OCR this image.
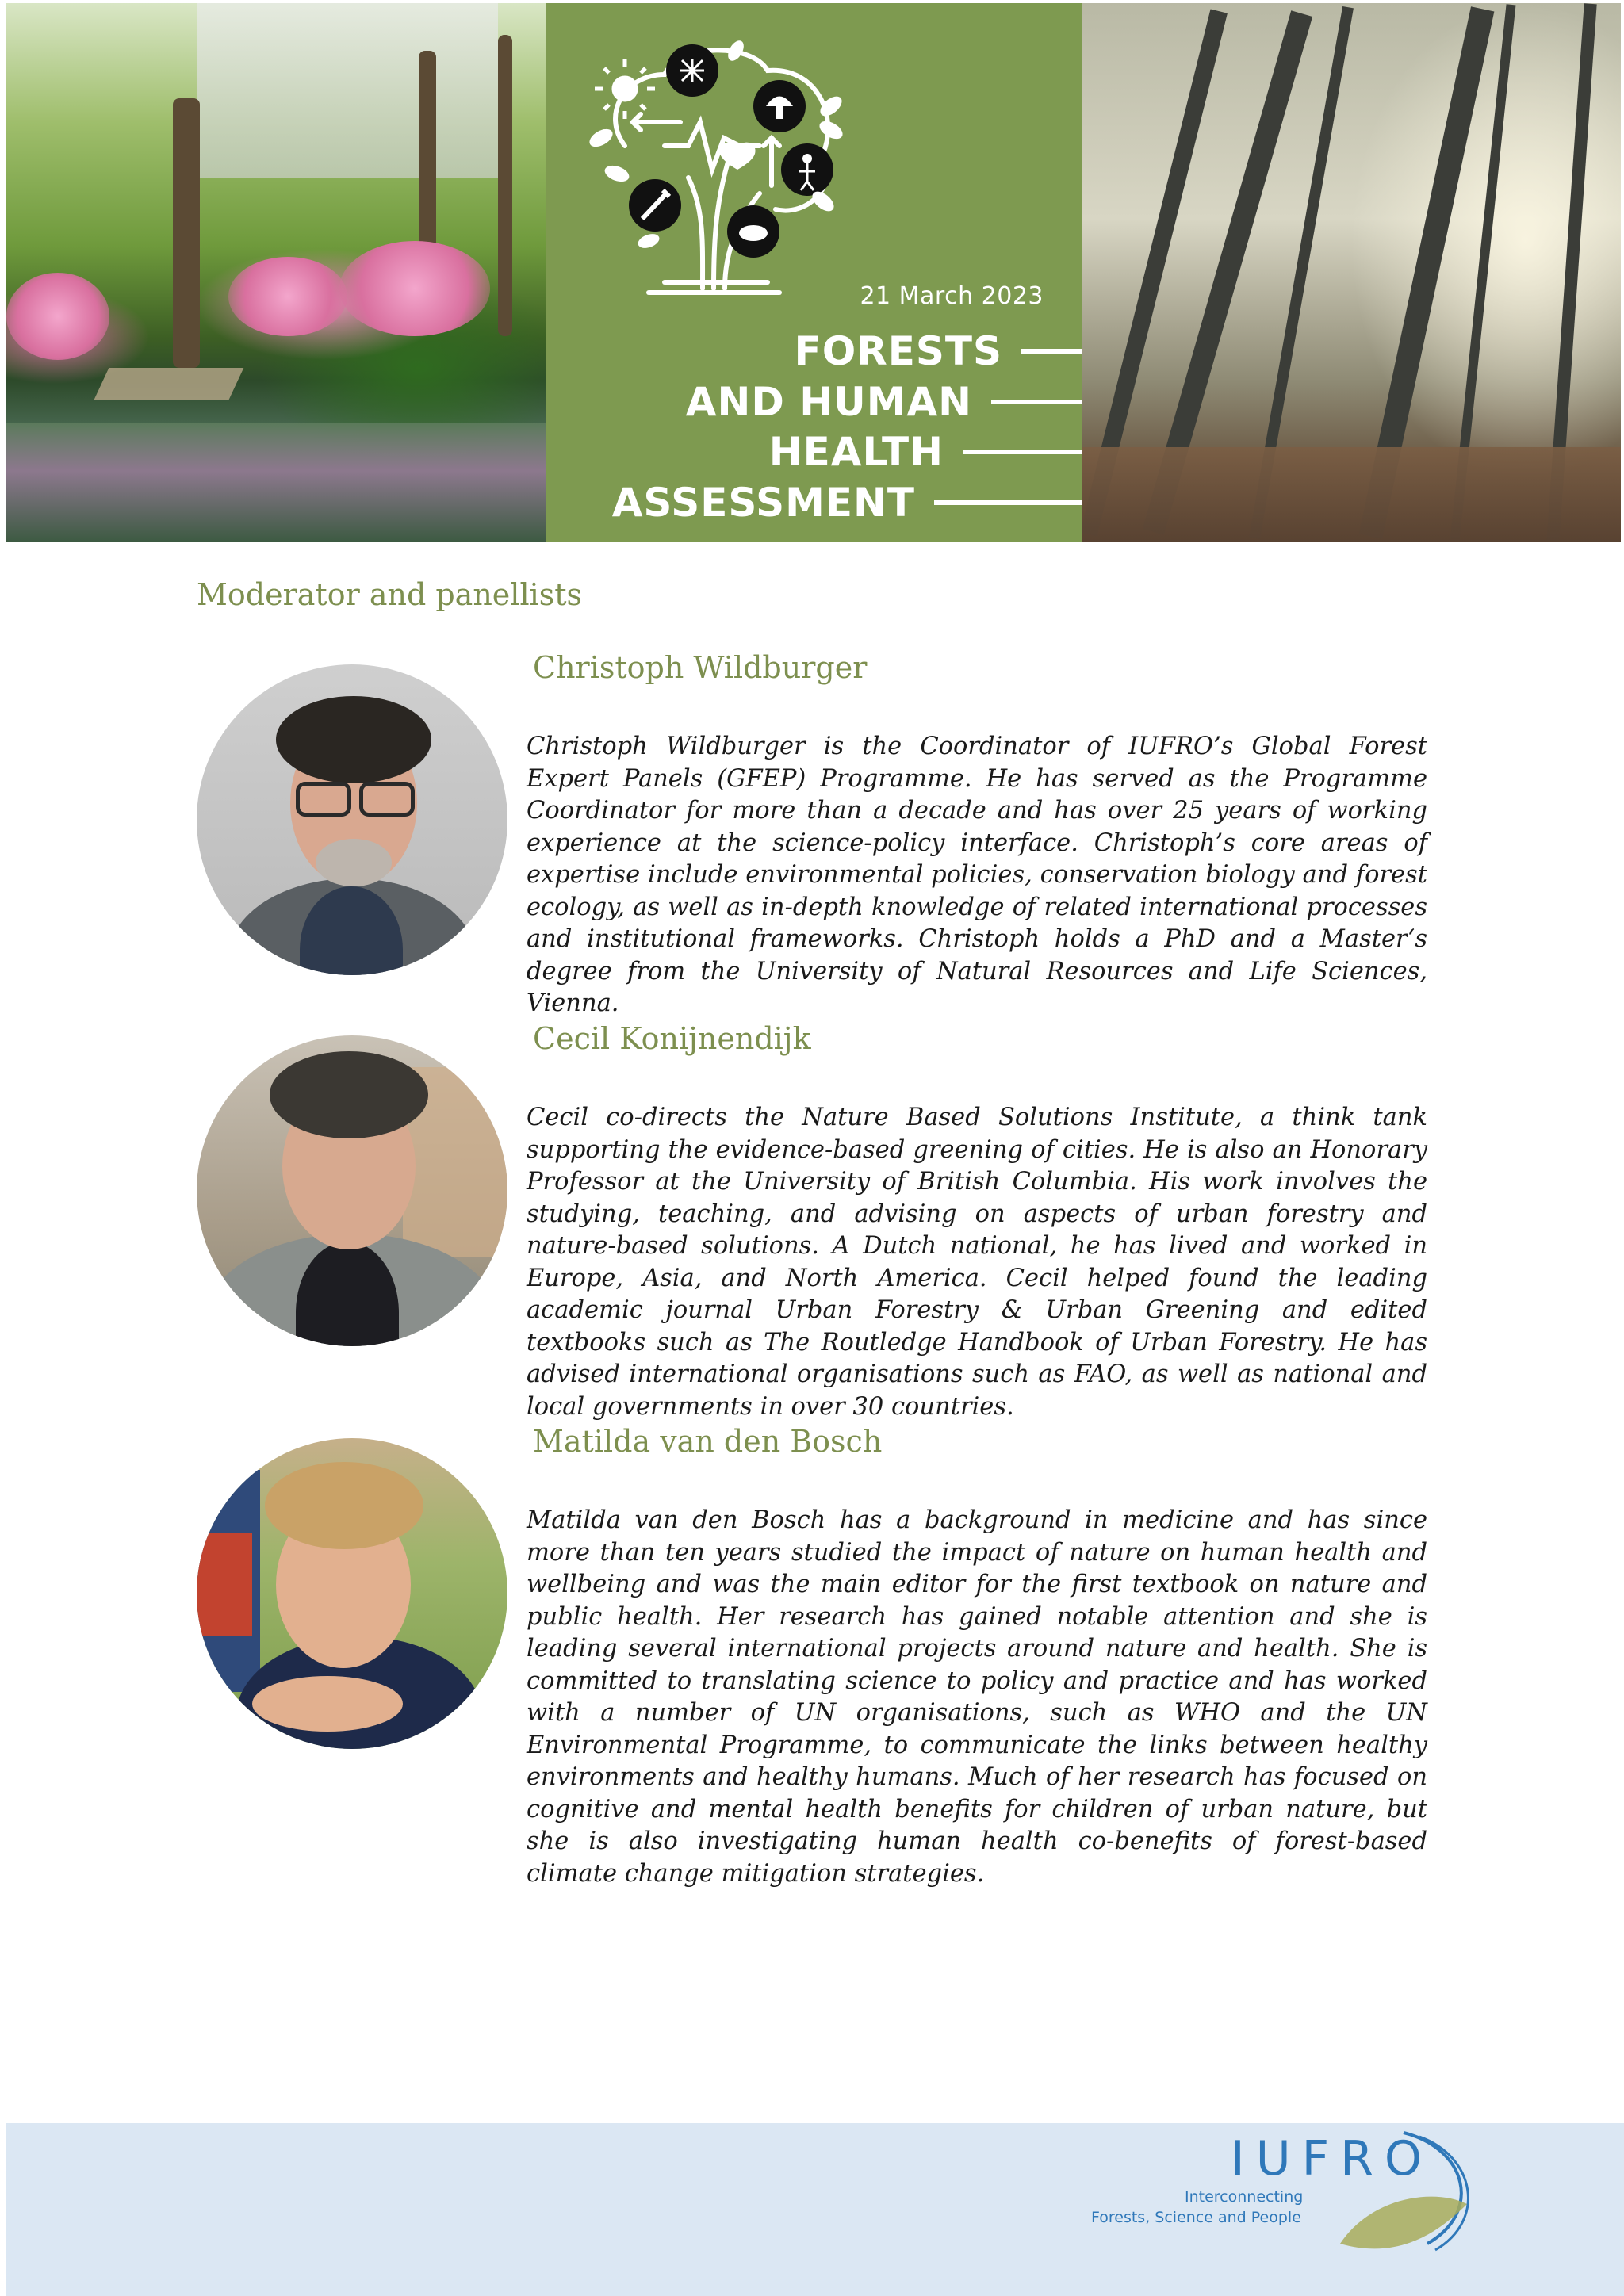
21 March 2023
FORESTS
AND HUMAN
HEALTH
ASSESSMENT
Moderator and panellists
Christoph Wildburger
Christoph Wildburger is the Coordinator of IUFRO’s Global Forest Expert Panels (GFEP) Programme. He has served as the Programme Coordinator for more than a decade and has over 25 years of working experience at the science-policy interface. Christoph’s core areas of expertise include environmental policies, conservation biology and forest ecology, as well as in-depth knowledge of related international processes and institutional frameworks. Christoph holds a PhD and a Master‘s degree from the University of Natural Resources and Life Sciences, Vienna.
Cecil Konijnendijk
Cecil co-directs the Nature Based Solutions Institute, a think tank supporting the evidence-based greening of cities. He is also an Honorary Professor at the University of British Columbia. His work involves the studying, teaching, and advising on aspects of urban forestry and nature-based solutions. A Dutch national, he has lived and worked in Europe, Asia, and North America. Cecil helped found the leading academic journal Urban Forestry & Urban Greening and edited textbooks such as The Routledge Handbook of Urban Forestry. He has advised international organisations such as FAO, as well as national and local governments in over 30 countries.
Matilda van den Bosch
Matilda van den Bosch has a background in medicine and has since more than ten years studied the impact of nature on human health and wellbeing and was the main editor for the first textbook on nature and public health. Her research has gained notable attention and she is leading several international projects around nature and health. She is committed to translating science to policy and practice and has worked with a number of UN organisations, such as WHO and the UN Environmental Programme, to communicate the links between healthy environments and healthy humans. Much of her research has focused on cognitive and mental health benefits for children of urban nature, but she is also investigating human health co-benefits of forest-based climate change mitigation strategies.
IUFRO
Interconnecting
Forests, Science and People
